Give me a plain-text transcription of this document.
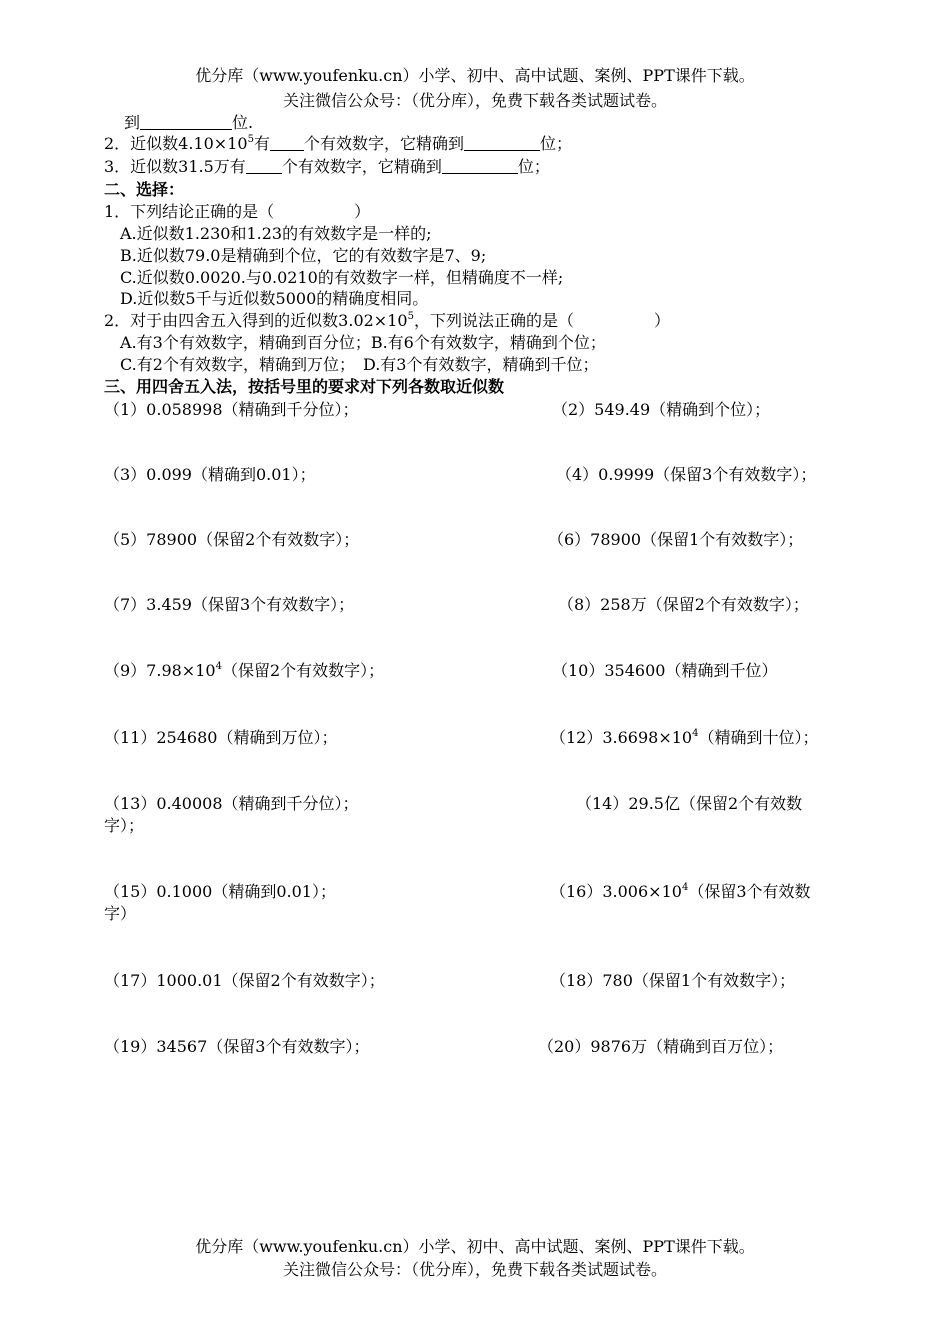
优分库（www.youfenku.cn）小学、初中、高中试题、案例、PPT课件下载。
关注微信公众号：（优分库），免费下载各类试题试卷。
到	位.
2．近似数$4.10\times 10^5$有 个有效数字，它精确到	位；
3．近似数31.5万有 个有效数字，它精确到	位；
二、选择：
1．下列结论正确的是（　　　　　）
A.近似数1.230和1.23的有效数字是一样的;
B.近似数79.0是精确到个位，它的有效数字是7、9;
C.近似数0.0020.与0.0210的有效数字一样，但精确度不一样;
D.近似数5千与近似数5000的精确度相同。
2．对于由四舍五入得到的近似数$3.02\times 10^5$，下列说法正确的是（　　　　　）
A.有3个有效数字，精确到百分位；B.有6个有效数字，精确到个位；
C.有2个有效数字，精确到万位；　D.有3个有效数字，精确到千位；
三、用四舍五入法，按括号里的要求对下列各数取近似数
（1）0.058998（精确到千分位）；	（2）549.49（精确到个位）；
（3）0.099（精确到0.01）；	（4）0.9999（保留3个有效数字）；
（5）78900（保留2个有效数字）；	（6）78900（保留1个有效数字）；
（7）3.459（保留3个有效数字）；	（8）258万（保留2个有效数字）；
$(9)7.98\times 10^4$（保留2个有效数字）；	（10）354600（精确到千位）
（11）254680（精确到万位）；	$(12)3.6698\times 10^4$（精确到十位）；
（13）0.40008（精确到千分位）；	（14）29.5亿（保留2个有效数
字）；
（15）0.1000（精确到0.01）；	$(16)3.006\times 10^4$（保留3个有效数
字）
（17）1000.01（保留2个有效数字）；	（18）780（保留1个有效数字）；
（19）34567（保留3个有效数字）；	（20）9876万（精确到百万位）；
优分库（www.youfenku.cn）小学、初中、高中试题、案例、PPT课件下载。
关注微信公众号：（优分库），免费下载各类试题试卷。
